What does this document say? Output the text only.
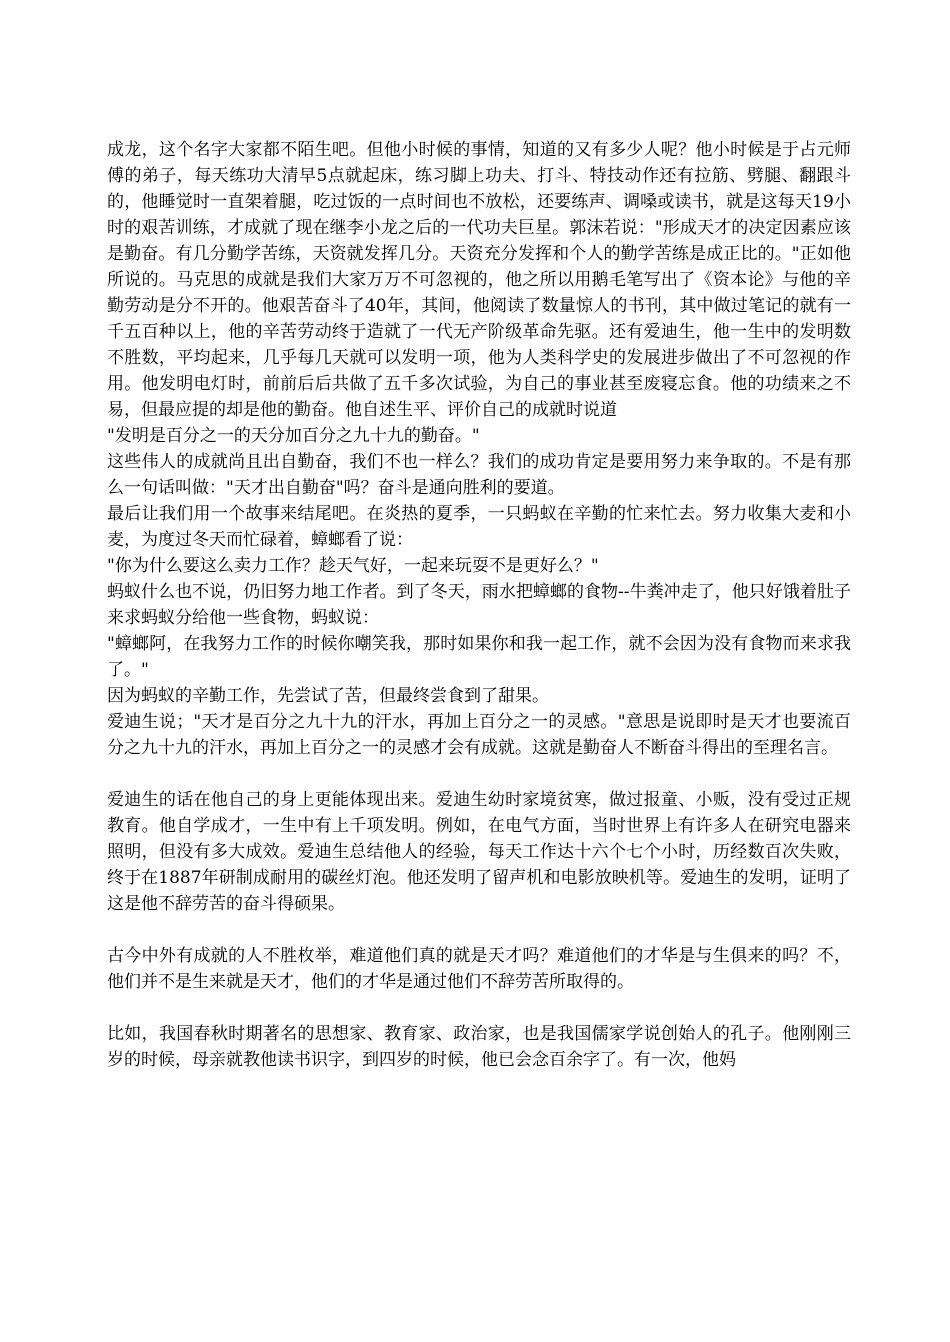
成龙，这个名字大家都不陌生吧。但他小时候的事情，知道的又有多少人呢？他小时候是于占元师傅的弟子，每天练功大清早5点就起床，练习脚上功夫、打斗、特技动作还有拉筋、劈腿、翻跟斗的，他睡觉时一直架着腿，吃过饭的一点时间也不放松，还要练声、调嗓或读书，就是这每天19小时的艰苦训练，才成就了现在继李小龙之后的一代功夫巨星。郭沫若说："形成天才的决定因素应该是勤奋。有几分勤学苦练，天资就发挥几分。天资充分发挥和个人的勤学苦练是成正比的。"正如他所说的。马克思的成就是我们大家万万不可忽视的，他之所以用鹅毛笔写出了《资本论》与他的辛勤劳动是分不开的。他艰苦奋斗了40年，其间，他阅读了数量惊人的书刊，其中做过笔记的就有一千五百种以上，他的辛苦劳动终于造就了一代无产阶级革命先驱。还有爱迪生，他一生中的发明数不胜数，平均起来，几乎每几天就可以发明一项，他为人类科学史的发展进步做出了不可忽视的作用。他发明电灯时，前前后后共做了五千多次试验，为自己的事业甚至废寝忘食。他的功绩来之不易，但最应提的却是他的勤奋。他自述生平、评价自己的成就时说道

"发明是百分之一的天分加百分之九十九的勤奋。"

这些伟人的成就尚且出自勤奋，我们不也一样么？我们的成功肯定是要用努力来争取的。不是有那么一句话叫做："天才出自勤奋"吗？奋斗是通向胜利的要道。

最后让我们用一个故事来结尾吧。在炎热的夏季，一只蚂蚁在辛勤的忙来忙去。努力收集大麦和小麦，为度过冬天而忙碌着，蟑螂看了说：

"你为什么要这么卖力工作？趁天气好，一起来玩耍不是更好么？"

蚂蚁什么也不说，仍旧努力地工作者。到了冬天，雨水把蟑螂的食物--牛粪冲走了，他只好饿着肚子来求蚂蚁分给他一些食物，蚂蚁说：

"蟑螂阿，在我努力工作的时候你嘲笑我，那时如果你和我一起工作，就不会因为没有食物而来求我了。"

因为蚂蚁的辛勤工作，先尝试了苦，但最终尝食到了甜果。

爱迪生说；"天才是百分之九十九的汗水，再加上百分之一的灵感。"意思是说即时是天才也要流百分之九十九的汗水，再加上百分之一的灵感才会有成就。这就是勤奋人不断奋斗得出的至理名言。

爱迪生的话在他自己的身上更能体现出来。爱迪生幼时家境贫寒，做过报童、小贩，没有受过正规教育。他自学成才，一生中有上千项发明。例如，在电气方面，当时世界上有许多人在研究电器来照明，但没有多大成效。爱迪生总结他人的经验，每天工作达十六个七个小时，历经数百次失败，终于在1887年研制成耐用的碳丝灯泡。他还发明了留声机和电影放映机等。爱迪生的发明，证明了这是他不辞劳苦的奋斗得硕果。

古今中外有成就的人不胜枚举，难道他们真的就是天才吗？难道他们的才华是与生俱来的吗？不，他们并不是生来就是天才，他们的才华是通过他们不辞劳苦所取得的。

比如，我国春秋时期著名的思想家、教育家、政治家，也是我国儒家学说创始人的孔子。他刚刚三岁的时候，母亲就教他读书识字，到四岁的时候，他已会念百余字了。有一次，他妈
